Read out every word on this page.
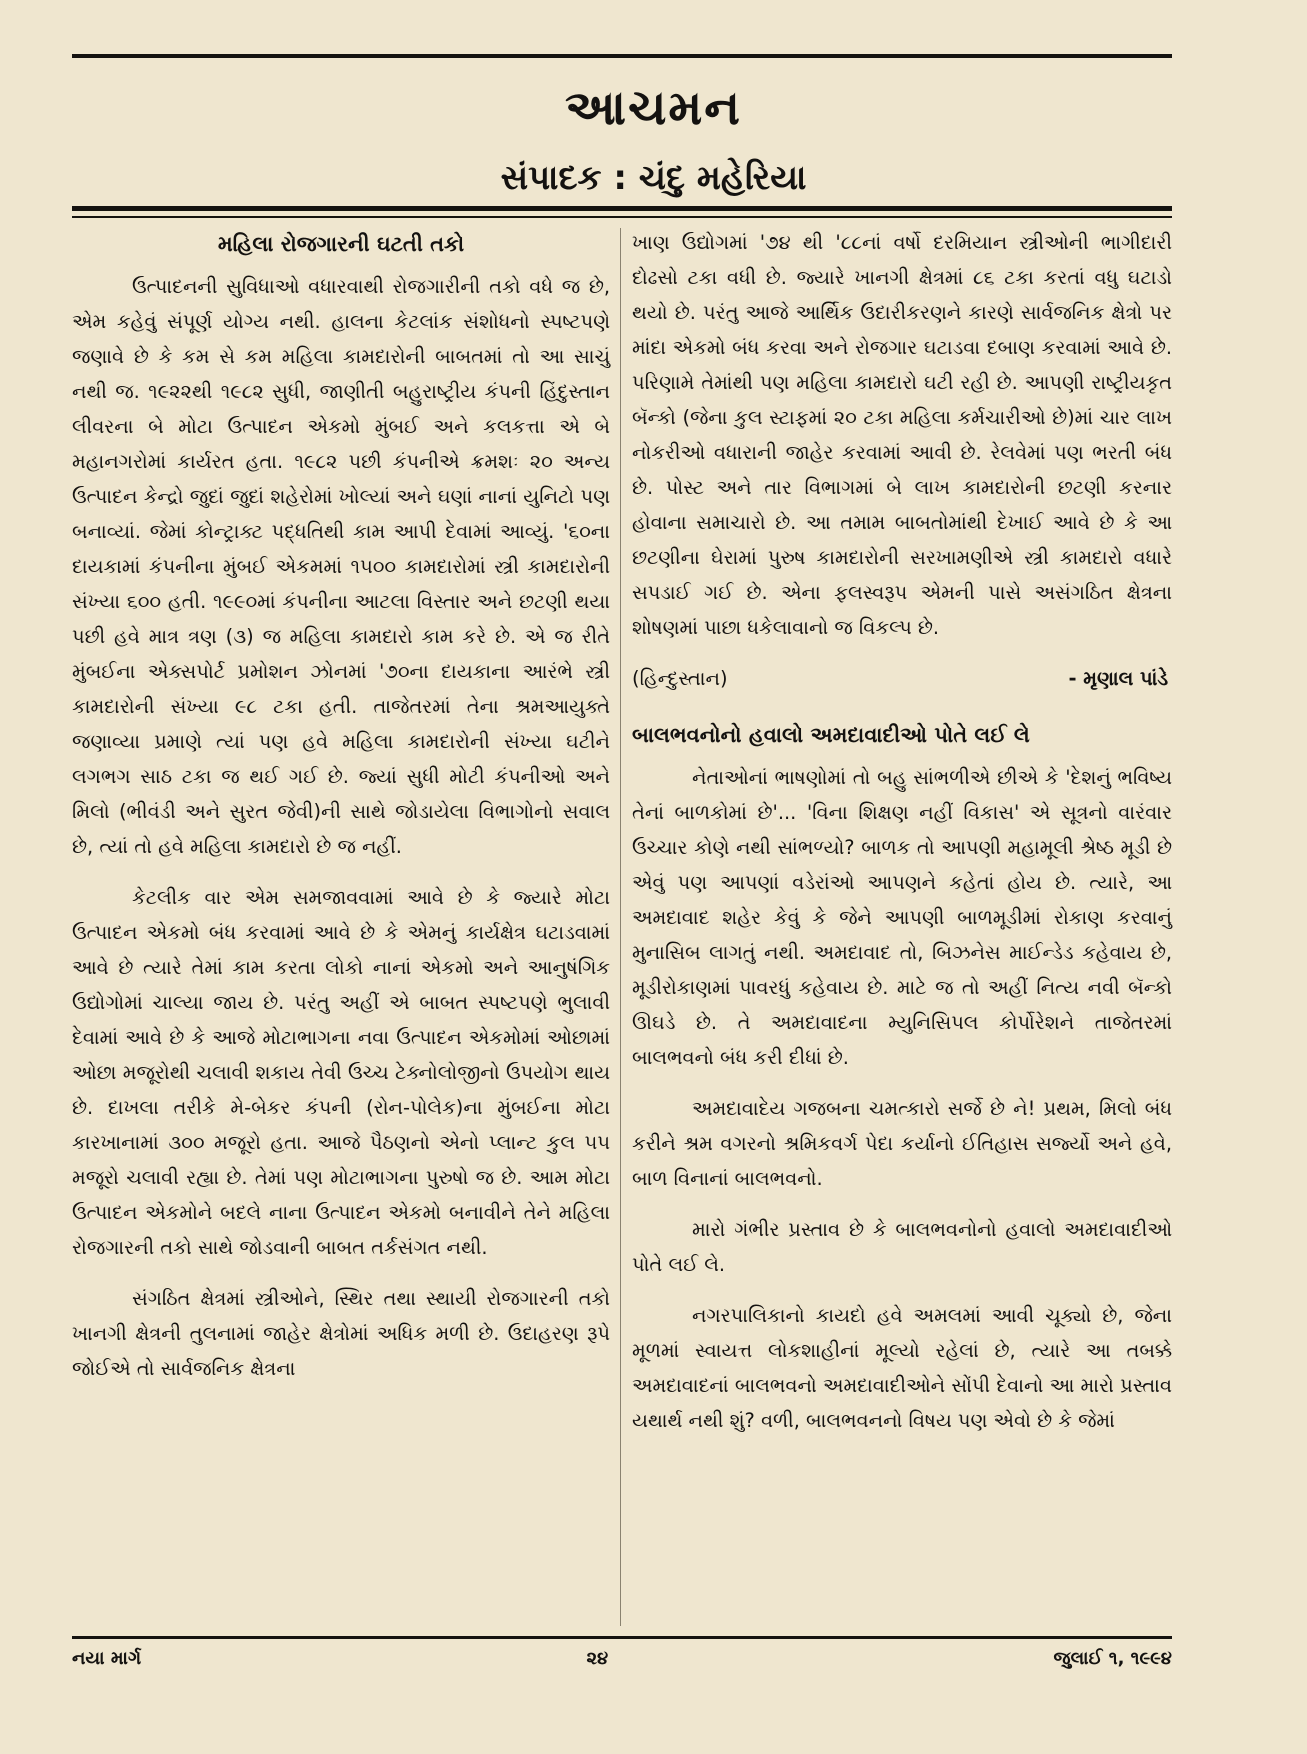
આચમન
સંપાદક : ચંદુ મહેરિયા
મહિલા રોજગારની ઘટતી તકો

ઉત્પાદનની સુવિધાઓ વધારવાથી રોજગારીની તકો વધે જ છે, એમ કહેવું સંપૂર્ણ યોગ્ય નથી. હાલના કેટલાંક સંશોધનો સ્પષ્ટપણે જણાવે છે કે કમ સે કમ મહિલા કામદારોની બાબતમાં તો આ સાચું નથી જ. ૧૯૨૨થી ૧૯૮૨ સુધી, જાણીતી બહુરાષ્ટ્રીય કંપની હિંદુસ્તાન લીવરના બે મોટા ઉત્પાદન એકમો મુંબઈ અને કલકત્તા એ બે મહાનગરોમાં કાર્યરત હતા. ૧૯૮૨ પછી કંપનીએ ક્રમશઃ ૨૦ અન્ય ઉત્પાદન કેન્દ્રો જુદાં જુદાં શહેરોમાં ખોલ્યાં અને ઘણાં નાનાં યુનિટો પણ બનાવ્યાં. જેમાં કોન્ટ્રાક્ટ પદ્ધતિથી કામ આપી દેવામાં આવ્યું. '૬૦ના દાયકામાં કંપનીના મુંબઈ એકમમાં ૧૫૦૦ કામદારોમાં સ્ત્રી કામદારોની સંખ્યા ૬૦૦ હતી. ૧૯૯૦માં કંપનીના આટલા વિસ્તાર અને છટણી થયા પછી હવે માત્ર ત્રણ (૩) જ મહિલા કામદારો કામ કરે છે. એ જ રીતે મુંબઈના એક્સપોર્ટ પ્રમોશન ઝોનમાં '૭૦ના દાયકાના આરંભે સ્ત્રી કામદારોની સંખ્યા ૯૮ ટકા હતી. તાજેતરમાં તેના શ્રમઆયુક્તે જણાવ્યા પ્રમાણે ત્યાં પણ હવે મહિલા કામદારોની સંખ્યા ઘટીને લગભગ સાઠ ટકા જ થઈ ગઈ છે. જ્યાં સુધી મોટી કંપનીઓ અને મિલો (ભીવંડી અને સુરત જેવી)ની સાથે જોડાયેલા વિભાગોનો સવાલ છે, ત્યાં તો હવે મહિલા કામદારો છે જ નહીં.

કેટલીક વાર એમ સમજાવવામાં આવે છે કે જ્યારે મોટા ઉત્પાદન એકમો બંધ કરવામાં આવે છે કે એમનું કાર્યક્ષેત્ર ઘટાડવામાં આવે છે ત્યારે તેમાં કામ કરતા લોકો નાનાં એકમો અને આનુષંગિક ઉદ્યોગોમાં ચાલ્યા જાય છે. પરંતુ અહીં એ બાબત સ્પષ્ટપણે ભુલાવી દેવામાં આવે છે કે આજે મોટાભાગના નવા ઉત્પાદન એકમોમાં ઓછામાં ઓછા મજૂરોથી ચલાવી શકાય તેવી ઉચ્ચ ટેક્નોલોજીનો ઉપયોગ થાય છે. દાખલા તરીકે મે-બેકર કંપની (રોન-પોલેક)ના મુંબઈના મોટા કારખાનામાં ૩૦૦ મજૂરો હતા. આજે પૈઠણનો એનો પ્લાન્ટ કુલ ૫૫ મજૂરો ચલાવી રહ્યા છે. તેમાં પણ મોટાભાગના પુરુષો જ છે. આમ મોટા ઉત્પાદન એકમોને બદલે નાના ઉત્પાદન એકમો બનાવીને તેને મહિલા રોજગારની તકો સાથે જોડવાની બાબત તર્કસંગત નથી.

સંગઠિત ક્ષેત્રમાં સ્ત્રીઓને, સ્થિર તથા સ્થાયી રોજગારની તકો ખાનગી ક્ષેત્રની તુલનામાં જાહેર ક્ષેત્રોમાં અધિક મળી છે. ઉદાહરણ રૂપે જોઈએ તો સાર્વજનિક ક્ષેત્રના

ખાણ ઉદ્યોગમાં '૭૪ થી '૮૮નાં વર્ષો દરમિયાન સ્ત્રીઓની ભાગીદારી દોઢસો ટકા વધી છે. જ્યારે ખાનગી ક્ષેત્રમાં ૮૬ ટકા કરતાં વધુ ઘટાડો થયો છે. પરંતુ આજે આર્થિક ઉદારીકરણને કારણે સાર્વજનિક ક્ષેત્રો પર માંદા એકમો બંધ કરવા અને રોજગાર ઘટાડવા દબાણ કરવામાં આવે છે. પરિણામે તેમાંથી પણ મહિલા કામદારો ઘટી રહી છે. આપણી રાષ્ટ્રીયકૃત બૅન્કો (જેના કુલ સ્ટાફમાં ૨૦ ટકા મહિલા કર્મચારીઓ છે)માં ચાર લાખ નોકરીઓ વધારાની જાહેર કરવામાં આવી છે. રેલવેમાં પણ ભરતી બંધ છે. પોસ્ટ અને તાર વિભાગમાં બે લાખ કામદારોની છટણી કરનાર હોવાના સમાચારો છે. આ તમામ બાબતોમાંથી દેખાઈ આવે છે કે આ છટણીના ઘેરામાં પુરુષ કામદારોની સરખામણીએ સ્ત્રી કામદારો વધારે સપડાઈ ગઈ છે. એના ફલસ્વરૂપ એમની પાસે અસંગઠિત ક્ષેત્રના શોષણમાં પાછા ધકેલાવાનો જ વિકલ્પ છે.

(હિન્દુસ્તાન)	- મૃણાલ પાંડે
બાલભવનોનો હવાલો અમદાવાદીઓ પોતે લઈ લે

નેતાઓનાં ભાષણોમાં તો બહુ સાંભળીએ છીએ કે 'દેશનું ભવિષ્ય તેનાં બાળકોમાં છે'... 'વિના શિક્ષણ નહીં વિકાસ' એ સૂત્રનો વારંવાર ઉચ્ચાર કોણે નથી સાંભળ્યો? બાળક તો આપણી મહામૂલી શ્રેષ્ઠ મૂડી છે એવું પણ આપણાં વડેરાંઓ આપણને કહેતાં હોય છે. ત્યારે, આ અમદાવાદ શહેર કેવું કે જેને આપણી બાળમૂડીમાં રોકાણ કરવાનું મુનાસિબ લાગતું નથી. અમદાવાદ તો, બિઝનેસ માઈન્ડેડ કહેવાય છે, મૂડીરોકાણમાં પાવરધું કહેવાય છે. માટે જ તો અહીં નિત્ય નવી બૅન્કો ઊઘડે છે. તે અમદાવાદના મ્યુનિસિપલ કોર્પોરેશને તાજેતરમાં બાલભવનો બંધ કરી દીધાં છે.

અમદાવાદેય ગજબના ચમત્કારો સર્જે છે ને! પ્રથમ, મિલો બંધ કરીને શ્રમ વગરનો શ્રમિકવર્ગ પેદા કર્યાનો ઈતિહાસ સર્જ્યો અને હવે, બાળ વિનાનાં બાલભવનો.

મારો ગંભીર પ્રસ્તાવ છે કે બાલભવનોનો હવાલો અમદાવાદીઓ પોતે લઈ લે.

નગરપાલિકાનો કાયદો હવે અમલમાં આવી ચૂક્યો છે, જેના મૂળમાં સ્વાયત્ત લોકશાહીનાં મૂલ્યો રહેલાં છે, ત્યારે આ તબક્કે અમદાવાદનાં બાલભવનો અમદાવાદીઓને સોંપી દેવાનો આ મારો પ્રસ્તાવ યથાર્થ નથી શું? વળી, બાલભવનનો વિષય પણ એવો છે કે જેમાં

નયા માર્ગ	૨૪	જુલાઈ ૧, ૧૯૯૪
